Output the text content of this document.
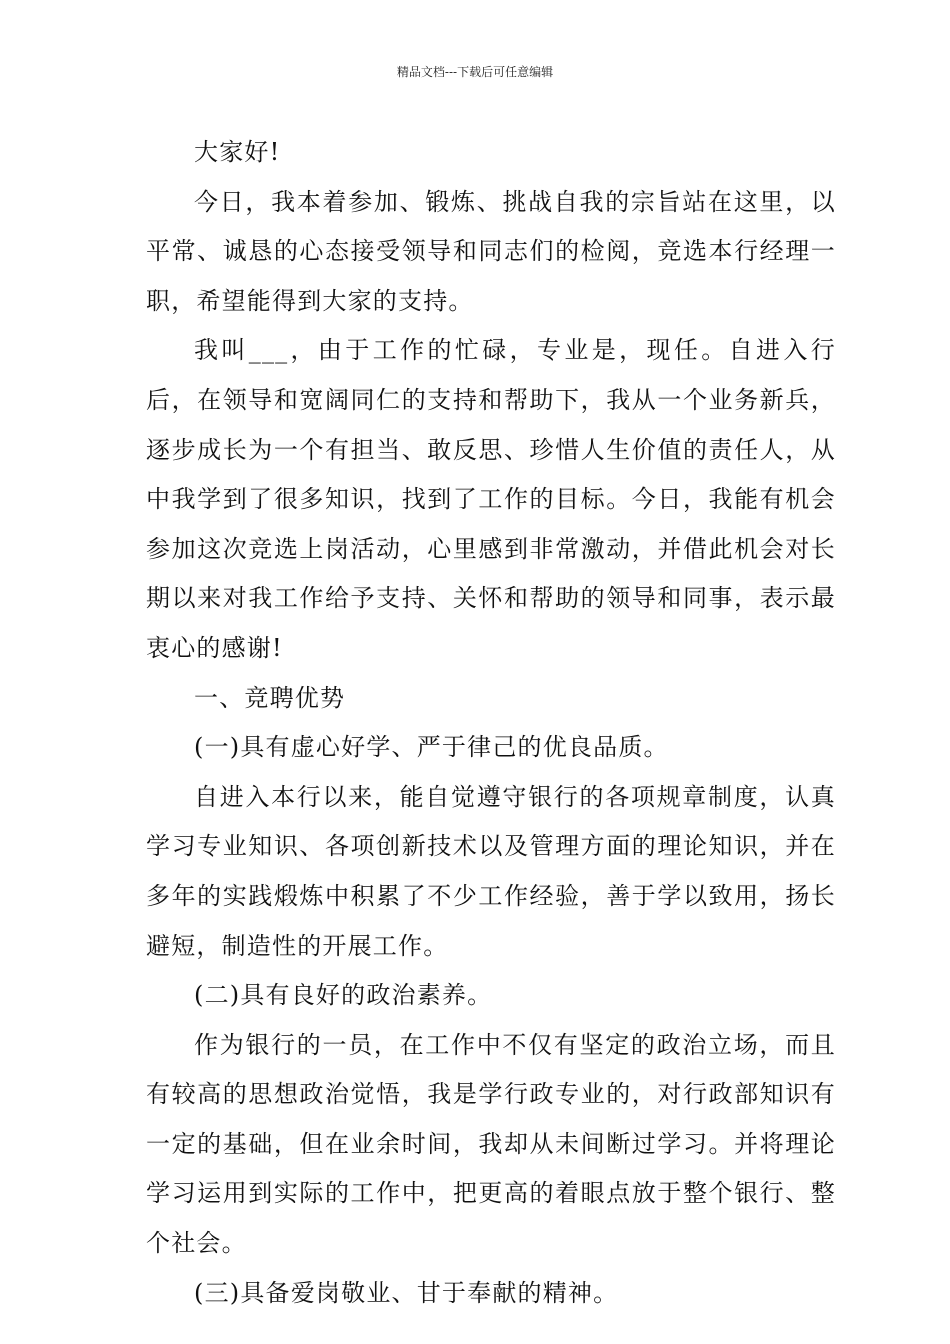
精品文档---下载后可任意编辑

大家好!

今日，我本着参加、锻炼、挑战自我的宗旨站在这里，以平常、诚恳的心态接受领导和同志们的检阅，竞选本行经理一职，希望能得到大家的支持。

我叫___，由于工作的忙碌，专业是，现任。自进入行后，在领导和宽阔同仁的支持和帮助下，我从一个业务新兵，逐步成长为一个有担当、敢反思、珍惜人生价值的责任人，从中我学到了很多知识，找到了工作的目标。今日，我能有机会参加这次竞选上岗活动，心里感到非常激动，并借此机会对长期以来对我工作给予支持、关怀和帮助的领导和同事，表示最衷心的感谢!

一、竞聘优势

(一)具有虚心好学、严于律己的优良品质。

自进入本行以来，能自觉遵守银行的各项规章制度，认真学习专业知识、各项创新技术以及管理方面的理论知识，并在多年的实践煅炼中积累了不少工作经验，善于学以致用，扬长避短，制造性的开展工作。

(二)具有良好的政治素养。

作为银行的一员，在工作中不仅有坚定的政治立场，而且有较高的思想政治觉悟，我是学行政专业的，对行政部知识有一定的基础，但在业余时间，我却从未间断过学习。并将理论学习运用到实际的工作中，把更高的着眼点放于整个银行、整个社会。

(三)具备爱岗敬业、甘于奉献的精神。
